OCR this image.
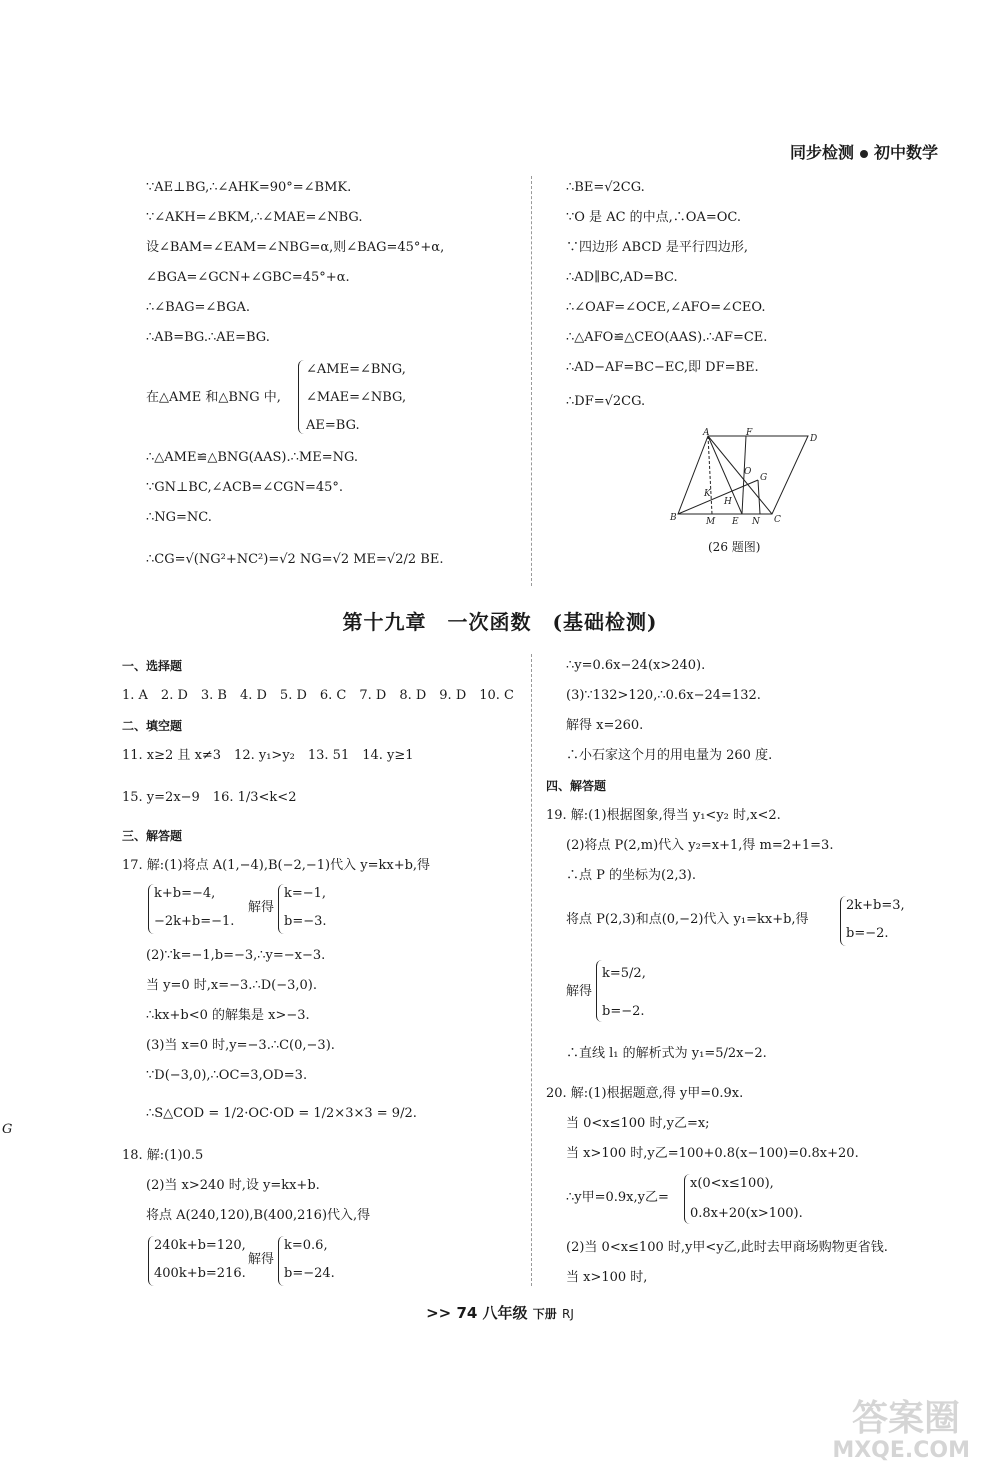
同步检测 初中数学
∵AE⊥BG,∴∠AHK=90°=∠BMK.
∵∠AKH=∠BKM,∴∠MAE=∠NBG.
设∠BAM=∠EAM=∠NBG=α,则∠BAG=45°+α,
∠BGA=∠GCN+∠GBC=45°+α.
∴∠BAG=∠BGA.
∴AB=BG.∴AE=BG.
在△AME 和△BNG 中,
∠AME=∠BNG,
∠MAE=∠NBG,
AE=BG.
∴△AME≌△BNG(AAS).∴ME=NG.
∵GN⊥BC,∠ACB=∠CGN=45°.
∴NG=NC.
∴CG=√(NG²+NC²)=√2 NG=√2 ME=√2/2 BE.
∴BE=√2CG.
∵O 是 AC 的中点,∴OA=OC.
∵四边形 ABCD 是平行四边形,
∴AD∥BC,AD=BC.
∴∠OAF=∠OCE,∠AFO=∠CEO.
∴△AFO≌△CEO(AAS).∴AF=CE.
∴AD−AF=BC−EC,即 DF=BE.
∴DF=√2CG.
A	F
D
B	M E N C
K
H
O
G
(26 题图)
第十九章　一次函数　(基础检测)
一、选择题
1. A　2. D　3. B　4. D　5. D　6. C　7. D　8. D　9. D　10. C
二、填空题
11. x≥2 且 x≠3　12. y₁>y₂　13. 51　14. y≥1
15. y=2x−9　16. 1/3<k<2
三、解答题
17. 解:(1)将点 A(1,−4),B(−2,−1)代入 y=kx+b,得
k+b=−4,
−2k+b=−1.
解得
k=−1,
b=−3.
(2)∵k=−1,b=−3,∴y=−x−3.
当 y=0 时,x=−3.∴D(−3,0).
∴kx+b<0 的解集是 x>−3.
(3)当 x=0 时,y=−3.∴C(0,−3).
∵D(−3,0),∴OC=3,OD=3.
∴S△COD = 1/2·OC·OD = 1/2×3×3 = 9/2.
18. 解:(1)0.5
(2)当 x>240 时,设 y=kx+b.
将点 A(240,120),B(400,216)代入,得
240k+b=120,
400k+b=216.
解得
k=0.6,
b=−24.
∴y=0.6x−24(x>240).
(3)∵132>120,∴0.6x−24=132.
解得 x=260.
∴小石家这个月的用电量为 260 度.
四、解答题
19. 解:(1)根据图象,得当 y₁<y₂ 时,x<2.
(2)将点 P(2,m)代入 y₂=x+1,得 m=2+1=3.
∴点 P 的坐标为(2,3).
将点 P(2,3)和点(0,−2)代入 y₁=kx+b,得
2k+b=3,
b=−2.
解得
k=5/2,
b=−2.
∴直线 l₁ 的解析式为 y₁=5/2x−2.
20. 解:(1)根据题意,得 y甲=0.9x.
当 0<x≤100 时,y乙=x;
当 x>100 时,y乙=100+0.8(x−100)=0.8x+20.
∴y甲=0.9x,y乙=
x(0<x≤100),
0.8x+20(x>100).
(2)当 0<x≤100 时,y甲<y乙,此时去甲商场购物更省钱.
当 x>100 时,
G
>> 74 八年级 下册 RJ
答案圈
MXQE.COM
